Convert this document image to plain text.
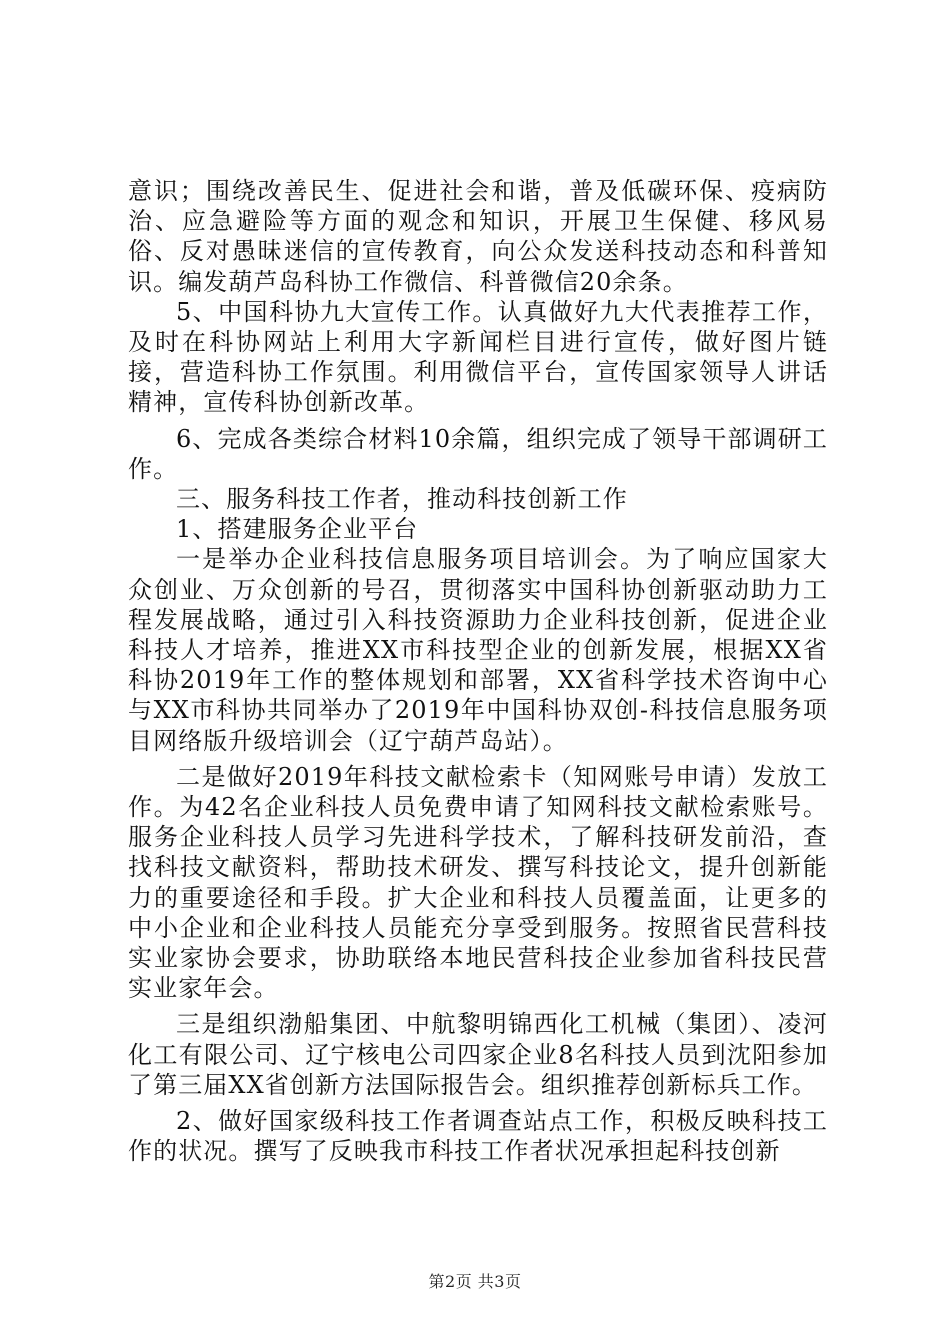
意识；围绕改善民生、促进社会和谐，普及低碳环保、疫病防治、应急避险等方面的观念和知识，开展卫生保健、移风易俗、反对愚昧迷信的宣传教育，向公众发送科技动态和科普知识。编发葫芦岛科协工作微信、科普微信20余条。

5、中国科协九大宣传工作。认真做好九大代表推荐工作，及时在科协网站上利用大字新闻栏目进行宣传，做好图片链接，营造科协工作氛围。利用微信平台，宣传国家领导人讲话精神，宣传科协创新改革。

6、完成各类综合材料10余篇，组织完成了领导干部调研工作。

三、服务科技工作者，推动科技创新工作

1、搭建服务企业平台

一是举办企业科技信息服务项目培训会。为了响应国家大众创业、万众创新的号召，贯彻落实中国科协创新驱动助力工程发展战略，通过引入科技资源助力企业科技创新，促进企业科技人才培养，推进XX市科技型企业的创新发展，根据XX省科协2019年工作的整体规划和部署，XX省科学技术咨询中心与XX市科协共同举办了2019年中国科协双创-科技信息服务项目网络版升级培训会（辽宁葫芦岛站）。

二是做好2019年科技文献检索卡（知网账号申请）发放工作。为42名企业科技人员免费申请了知网科技文献检索账号。服务企业科技人员学习先进科学技术，了解科技研发前沿，查找科技文献资料，帮助技术研发、撰写科技论文，提升创新能力的重要途径和手段。扩大企业和科技人员覆盖面，让更多的中小企业和企业科技人员能充分享受到服务。按照省民营科技实业家协会要求，协助联络本地民营科技企业参加省科技民营实业家年会。

三是组织渤船集团、中航黎明锦西化工机械（集团）、凌河化工有限公司、辽宁核电公司四家企业8名科技人员到沈阳参加了第三届XX省创新方法国际报告会。组织推荐创新标兵工作。

2、做好国家级科技工作者调查站点工作，积极反映科技工作的状况。撰写了反映我市科技工作者状况承担起科技创新

第2页 共3页
